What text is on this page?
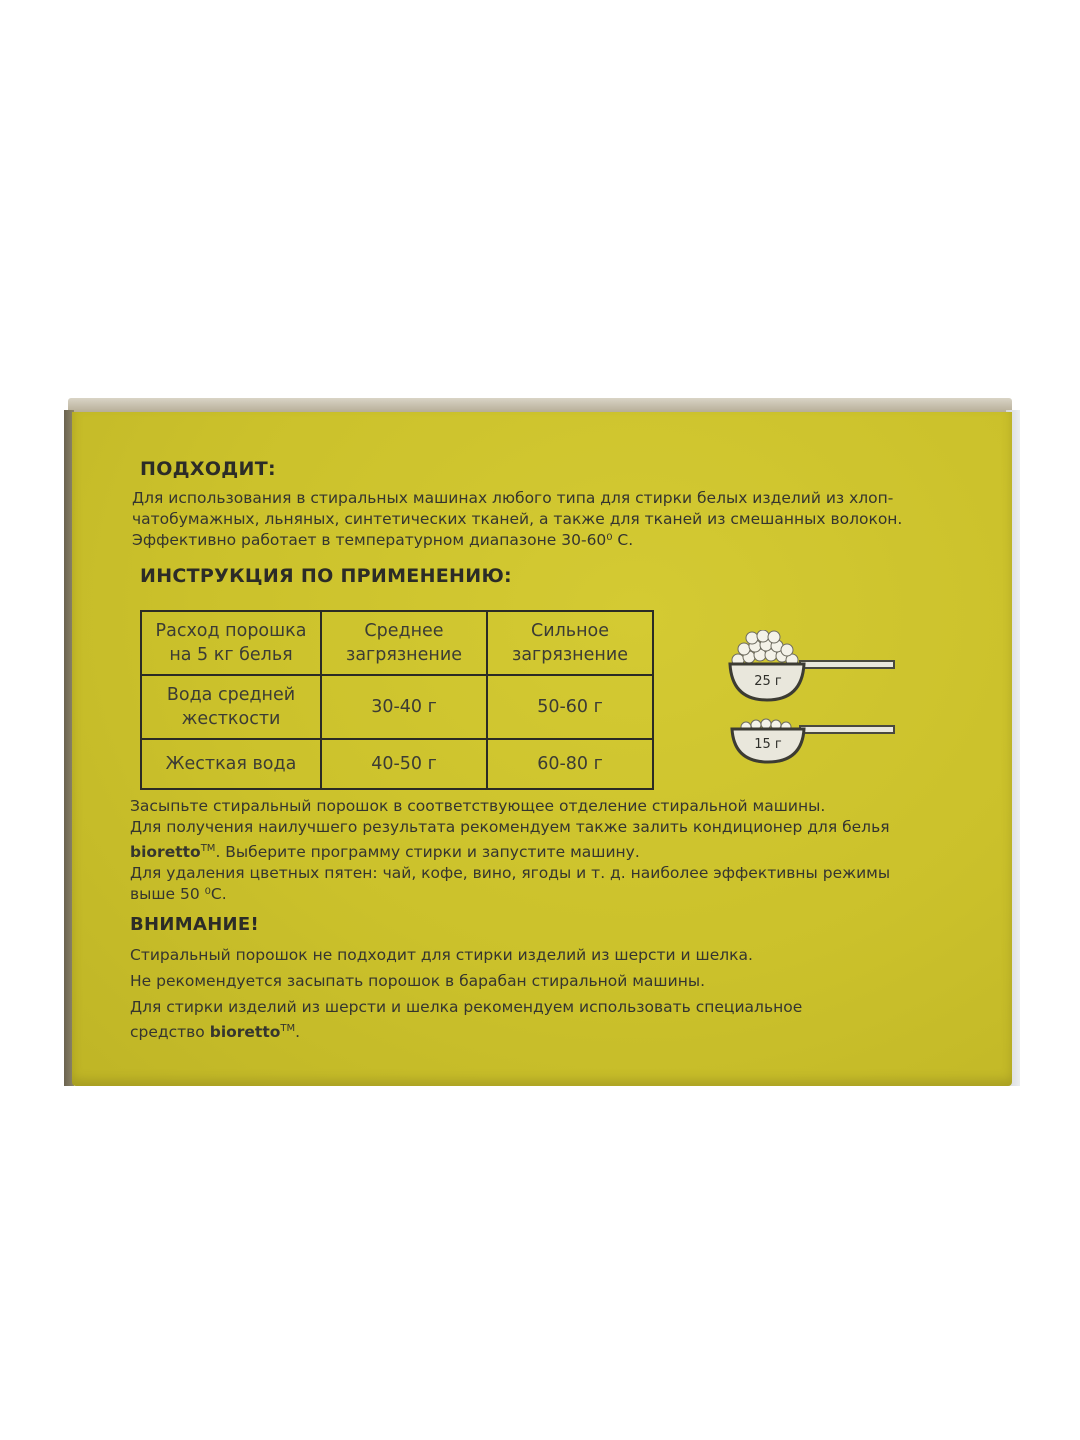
ПОДХОДИТ:

Для использования в стиральных машинах любого типа для стирки белых изделий из хлоп-

чатобумажных, льняных, синтетических тканей, а также для тканей из смешанных волокон.

Эффективно работает в температурном диапазоне 30-60⁰ С.

ИНСТРУКЦИЯ ПО ПРИМЕНЕНИЮ:
Расход порошка на 5 кг белья	Среднее загрязнение	Сильное загрязнение
Вода средней жесткости	30-40 г	50-60 г
Жесткая вода	40-50 г	60-80 г
25 г
15 г

Засыпьте стиральный порошок в соответствующее отделение стиральной машины.

Для получения наилучшего результата рекомендуем также залить кондиционер для белья

bioretto™. Выберите программу стирки и запустите машину.

Для удаления цветных пятен: чай, кофе, вино, ягоды и т. д. наиболее эффективны режимы

выше 50 ⁰С.

ВНИМАНИЕ!

Стиральный порошок не подходит для стирки изделий из шерсти и шелка.

Не рекомендуется засыпать порошок в барабан стиральной машины.

Для стирки изделий из шерсти и шелка рекомендуем использовать специальное

средство bioretto™.
